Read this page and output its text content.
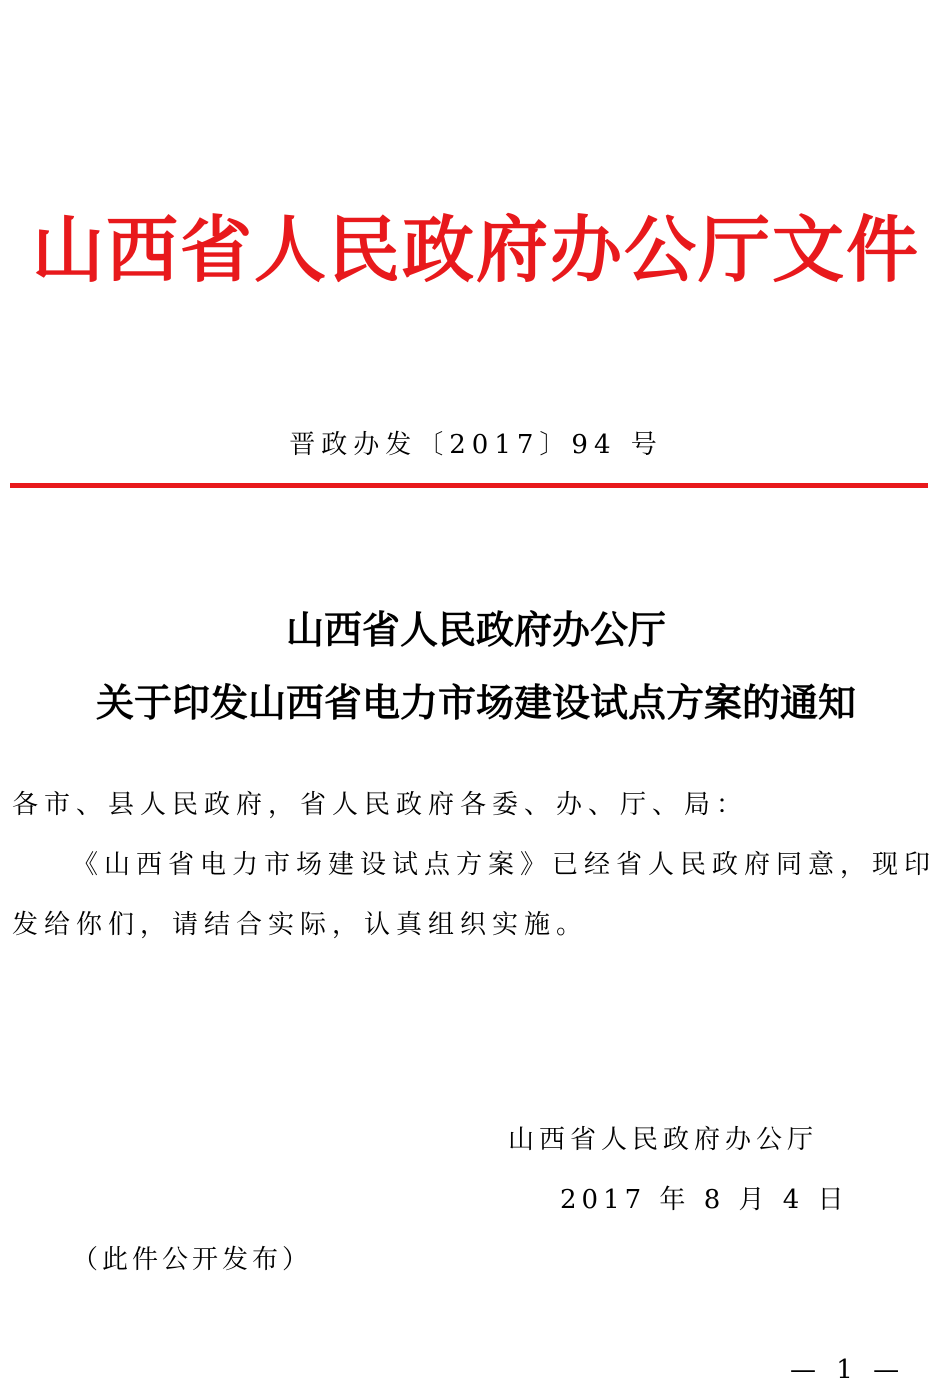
山西省人民政府办公厅文件
晋政办发〔2017〕94 号
山西省人民政府办公厅
关于印发山西省电力市场建设试点方案的通知
各市、县人民政府，省人民政府各委、办、厅、局：
《山西省电力市场建设试点方案》已经省人民政府同意，现印
发给你们，请结合实际，认真组织实施。
山西省人民政府办公厅
2017 年 8 月 4 日
（此件公开发布）
— 1 —
